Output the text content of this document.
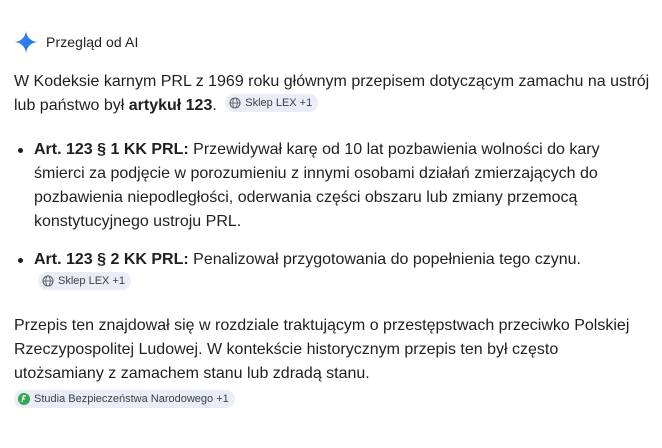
Przegląd od AI

W Kodeksie karnym PRL z 1969 roku głównym przepisem dotyczącym zamachu na ustrój lub państwo był artykuł 123.	Sklep LEX +1

Art. 123 § 1 KK PRL: Przewidywał karę od 10 lat pozbawienia wolności do kary śmierci za podjęcie w porozumieniu z innymi osobami działań zmierzających do pozbawienia niepodległości, oderwania części obszaru lub zmiany przemocą konstytucyjnego ustroju PRL.
Art. 123 § 2 KK PRL: Penalizował przygotowania do popełnienia tego czynu.
Sklep LEX +1

Przepis ten znajdował się w rozdziale traktującym o przestępstwach przeciwko Polskiej Rzeczypospolitej Ludowej. W kontekście historycznym przepis ten był często utożsamiany z zamachem stanu lub zdradą stanu.

Studia Bezpieczeństwa Narodowego +1
